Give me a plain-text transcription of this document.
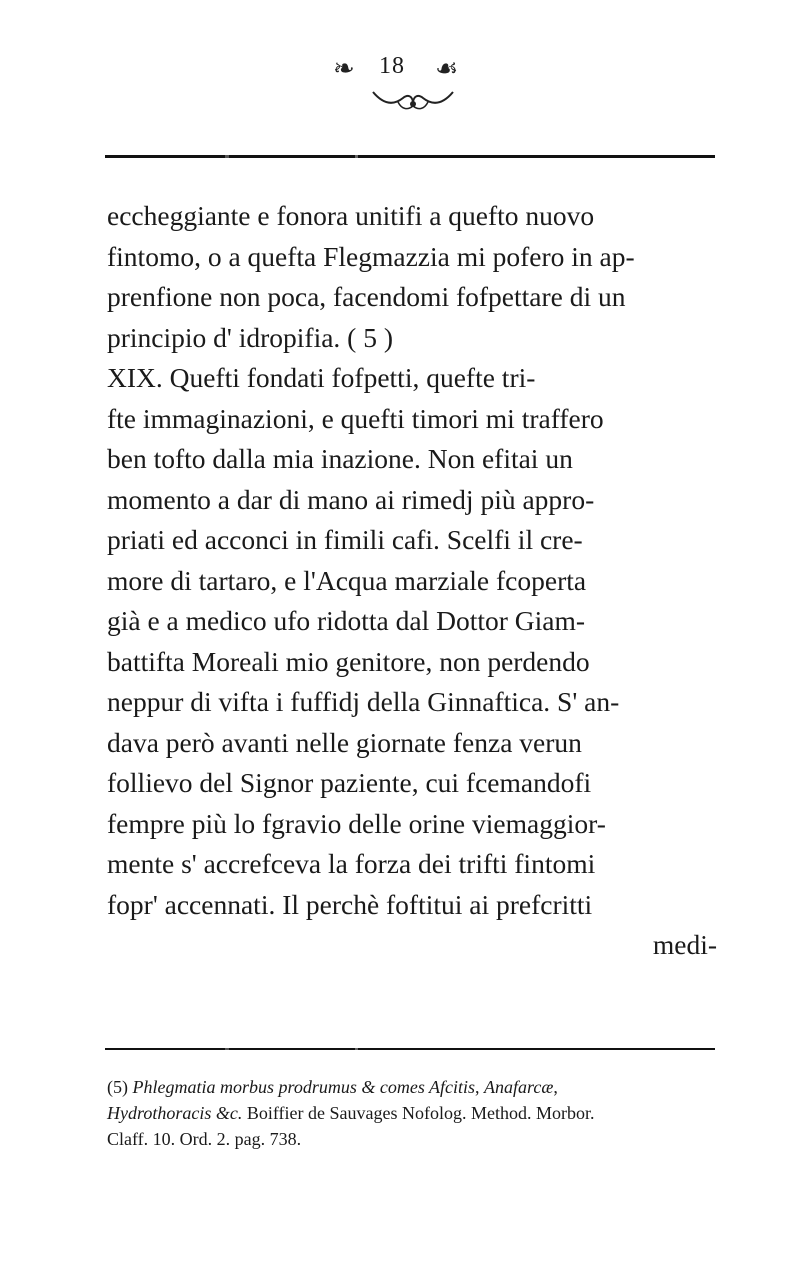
❧ 18 ☙
eccheggiante e fonora unitifi a quefto nuovo
fintomo, o a quefta Flegmazzia mi pofero in ap-
prenfione non poca, facendomi fofpettare di un
principio d' idropifia. ( 5 )
XIX. Quefti fondati fofpetti, quefte tri-
fte immaginazioni, e quefti timori mi traffero
ben tofto dalla mia inazione. Non efitai un
momento a dar di mano ai rimedj più appro-
priati ed acconci in fimili cafi. Scelfi il cre-
more di tartaro, e l'Acqua marziale fcoperta
già e a medico ufo ridotta dal Dottor Giam-
battifta Moreali mio genitore, non perdendo
neppur di vifta i fuffidj della Ginnaftica. S' an-
dava però avanti nelle giornate fenza verun
follievo del Signor paziente, cui fcemandofi
fempre più lo fgravio delle orine viemaggior-
mente s' accrefceva la forza dei trifti fintomi
fopr' accennati. Il perchè foftitui ai prefcritti
medi-
(5) Phlegmatia morbus prodrumus & comes Afcitis, Anafarcæ,
Hydrothoracis &c. Boiffier de Sauvages Nofolog. Method. Morbor.
Claff. 10. Ord. 2. pag. 738.
